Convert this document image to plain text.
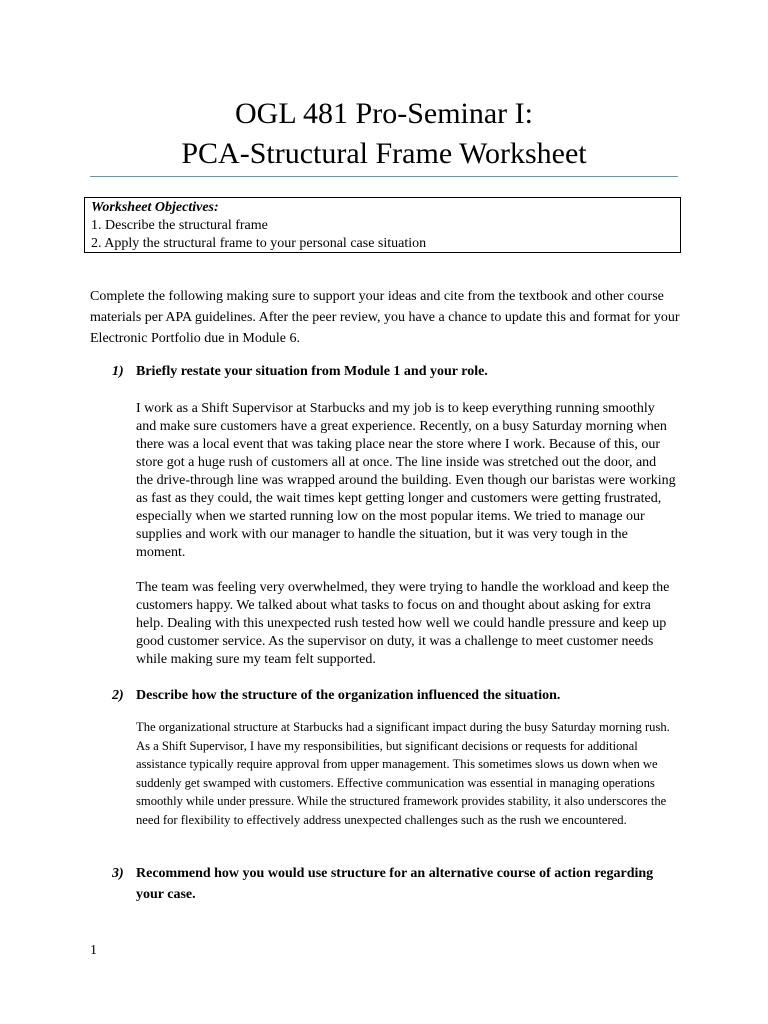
OGL 481 Pro-Seminar I:
PCA-Structural Frame Worksheet
Worksheet Objectives:
1. Describe the structural frame
2. Apply the structural frame to your personal case situation
Complete the following making sure to support your ideas and cite from the textbook and other course materials per APA guidelines. After the peer review, you have a chance to update this and format for your Electronic Portfolio due in Module 6.
1) Briefly restate your situation from Module 1 and your role.
I work as a Shift Supervisor at Starbucks and my job is to keep everything running smoothly and make sure customers have a great experience. Recently, on a busy Saturday morning when there was a local event that was taking place near the store where I work. Because of this, our store got a huge rush of customers all at once. The line inside was stretched out the door, and the drive-through line was wrapped around the building. Even though our baristas were working as fast as they could, the wait times kept getting longer and customers were getting frustrated, especially when we started running low on the most popular items. We tried to manage our supplies and work with our manager to handle the situation, but it was very tough in the moment.
The team was feeling very overwhelmed, they were trying to handle the workload and keep the customers happy. We talked about what tasks to focus on and thought about asking for extra help. Dealing with this unexpected rush tested how well we could handle pressure and keep up good customer service. As the supervisor on duty, it was a challenge to meet customer needs while making sure my team felt supported.
2) Describe how the structure of the organization influenced the situation.
The organizational structure at Starbucks had a significant impact during the busy Saturday morning rush. As a Shift Supervisor, I have my responsibilities, but significant decisions or requests for additional assistance typically require approval from upper management. This sometimes slows us down when we suddenly get swamped with customers. Effective communication was essential in managing operations smoothly while under pressure. While the structured framework provides stability, it also underscores the need for flexibility to effectively address unexpected challenges such as the rush we encountered.
3) Recommend how you would use structure for an alternative course of action regarding your case.
1
